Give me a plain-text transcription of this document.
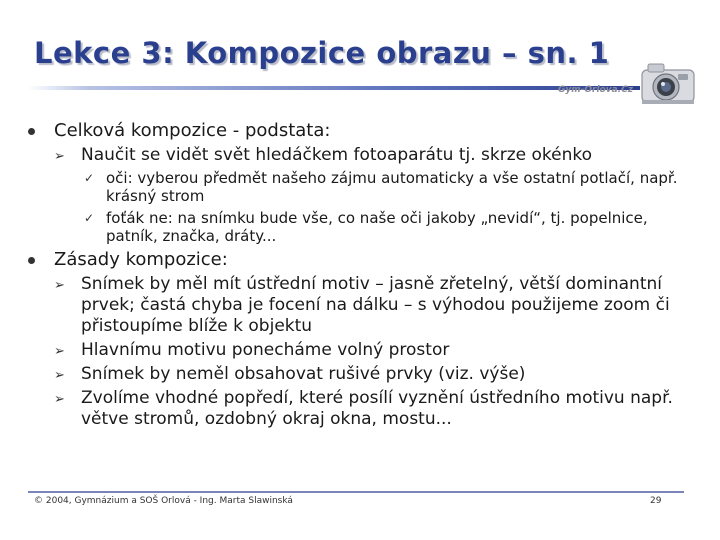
Lekce 3: Kompozice obrazu – sn. 1
Gym-Orlova.Cz
Celková kompozice - podstata:
➢ Naučit se vidět svět hledáčkem fotoaparátu tj. skrze okénko
✓ oči: vyberou předmět našeho zájmu automaticky a vše ostatní potlačí, např. krásný strom
✓ foťák ne: na snímku bude vše, co naše oči jakoby „nevidí“, tj. popelnice, patník, značka, dráty...
Zásady kompozice:
➢ Snímek by měl mít ústřední motiv – jasně zřetelný, větší dominantní prvek; častá chyba je focení na dálku – s výhodou použijeme zoom či přistoupíme blíže k objektu
➢ Hlavnímu motivu ponecháme volný prostor
➢ Snímek by neměl obsahovat rušivé prvky (viz. výše)
➢ Zvolíme vhodné popředí, které posílí vyznění ústředního motivu např. větve stromů, ozdobný okraj okna, mostu...
© 2004, Gymnázium a SOŠ Orlová - Ing. Marta Slawinská	29
